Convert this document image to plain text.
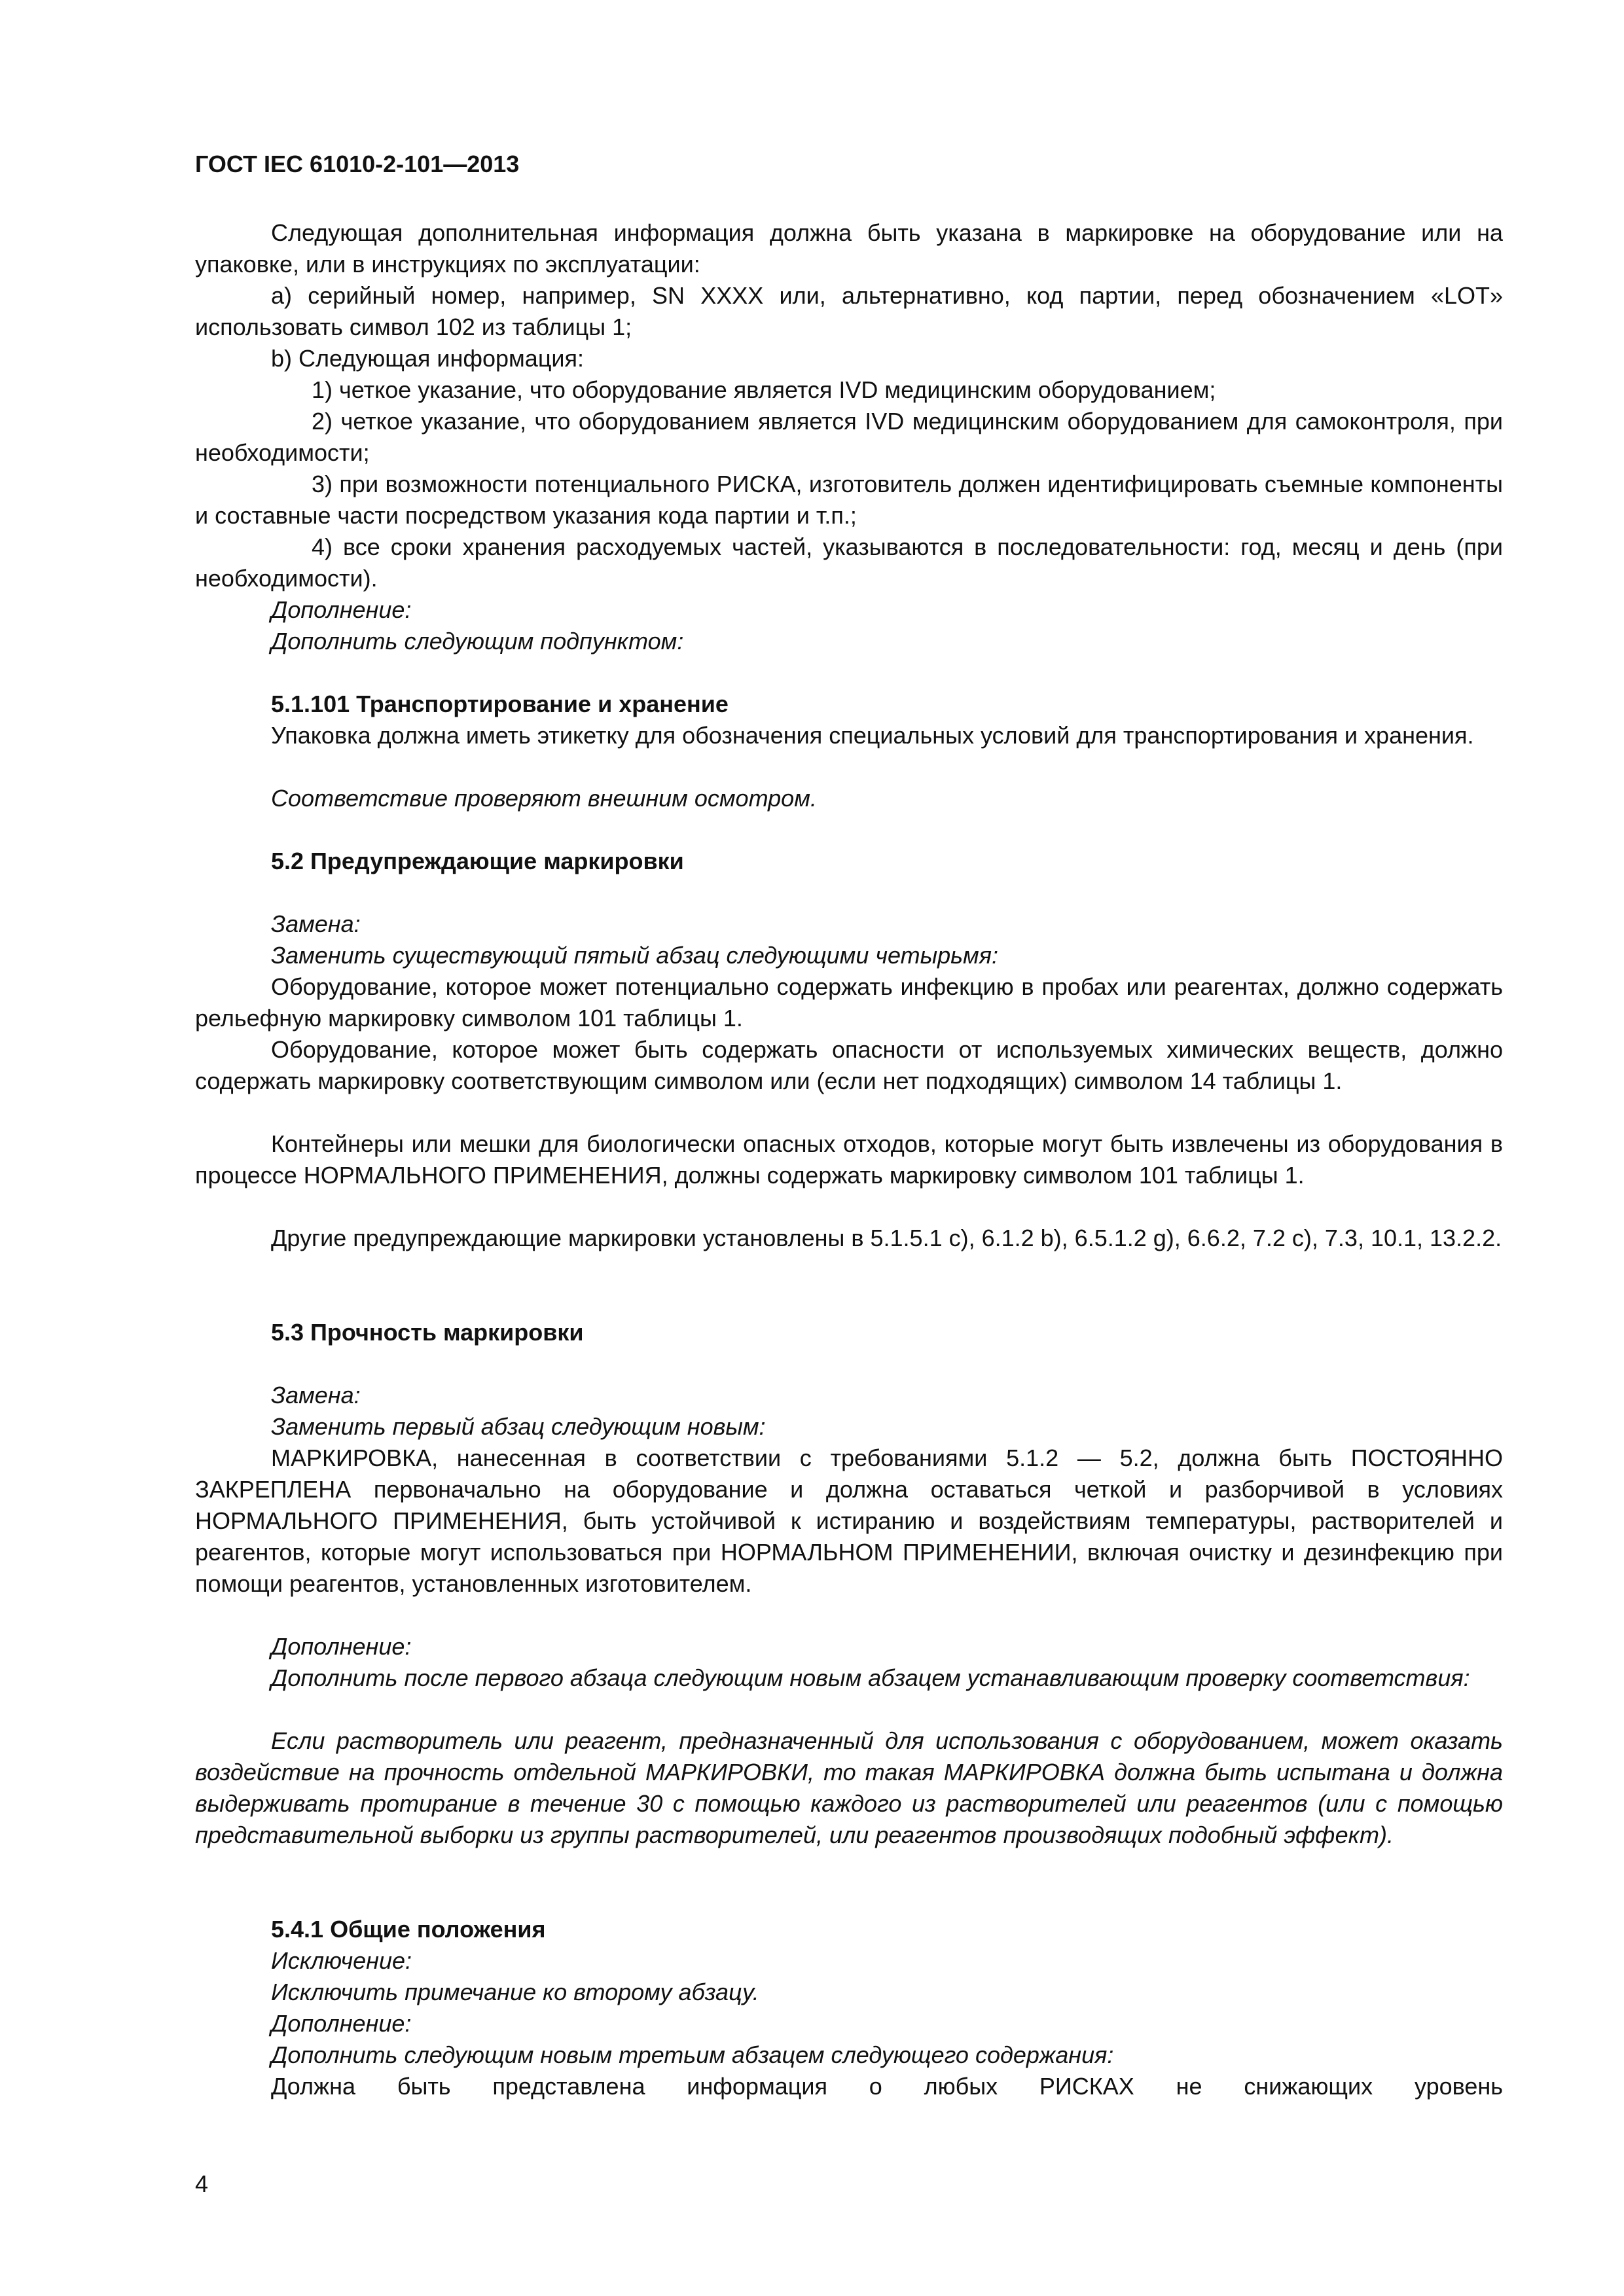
ГОСТ IEC 61010-2-101—2013

Следующая дополнительная информация должна быть указана в маркировке на оборудование или на упаковке, или в инструкциях по эксплуатации:

а) серийный номер, например, SN XXXX или, альтернативно, код партии, перед обозначением «LOT» использовать символ 102 из таблицы 1;

b) Следующая информация:

1) четкое указание, что оборудование является IVD медицинским оборудованием;

2) четкое указание, что оборудованием является IVD медицинским оборудованием для самоконтроля, при необходимости;

3) при возможности потенциального РИСКА, изготовитель должен идентифицировать съемные компоненты и составные части посредством указания кода партии и т.п.;

4) все сроки хранения расходуемых частей, указываются в последовательности: год, месяц и день (при необходимости).

Дополнение:

Дополнить следующим подпунктом:

5.1.101 Транспортирование и хранение

Упаковка должна иметь этикетку для обозначения специальных условий для транспортирования и хранения.

Соответствие проверяют внешним осмотром.

5.2 Предупреждающие маркировки

Замена:

Заменить существующий пятый абзац следующими четырьмя:

Оборудование, которое может потенциально содержать инфекцию в пробах или реагентах, должно содержать рельефную маркировку символом 101 таблицы 1.

Оборудование, которое может быть содержать опасности от используемых химических веществ, должно содержать маркировку соответствующим символом или (если нет подходящих) символом 14 таблицы 1.

Контейнеры или мешки для биологически опасных отходов, которые могут быть извлечены из оборудования в процессе НОРМАЛЬНОГО ПРИМЕНЕНИЯ, должны содержать маркировку символом 101 таблицы 1.

Другие предупреждающие маркировки установлены в 5.1.5.1 с), 6.1.2 b), 6.5.1.2 g), 6.6.2, 7.2 с), 7.3, 10.1, 13.2.2.

5.3 Прочность маркировки

Замена:

Заменить первый абзац следующим новым:

МАРКИРОВКА, нанесенная в соответствии с требованиями 5.1.2 — 5.2, должна быть ПОСТОЯННО ЗАКРЕПЛЕНА первоначально на оборудование и должна оставаться четкой и разборчивой в условиях НОРМАЛЬНОГО ПРИМЕНЕНИЯ, быть устойчивой к истиранию и воздействиям температуры, растворителей и реагентов, которые могут использоваться при НОРМАЛЬНОМ ПРИМЕНЕНИИ, включая очистку и дезинфекцию при помощи реагентов, установленных изготовителем.

Дополнение:

Дополнить после первого абзаца следующим новым абзацем устанавливающим проверку соответствия:

Если растворитель или реагент, предназначенный для использования с оборудованием, может оказать воздействие на прочность отдельной МАРКИРОВКИ, то такая МАРКИРОВКА должна быть испытана и должна выдерживать протирание в течение 30 с помощью каждого из растворителей или реагентов (или с помощью представительной выборки из группы растворителей, или реагентов производящих подобный эффект).

5.4.1 Общие положения

Исключение:

Исключить примечание ко второму абзацу.

Дополнение:

Дополнить следующим новым третьим абзацем следующего содержания:

Должна быть представлена информация о любых РИСКАХ не снижающих уровень

4
